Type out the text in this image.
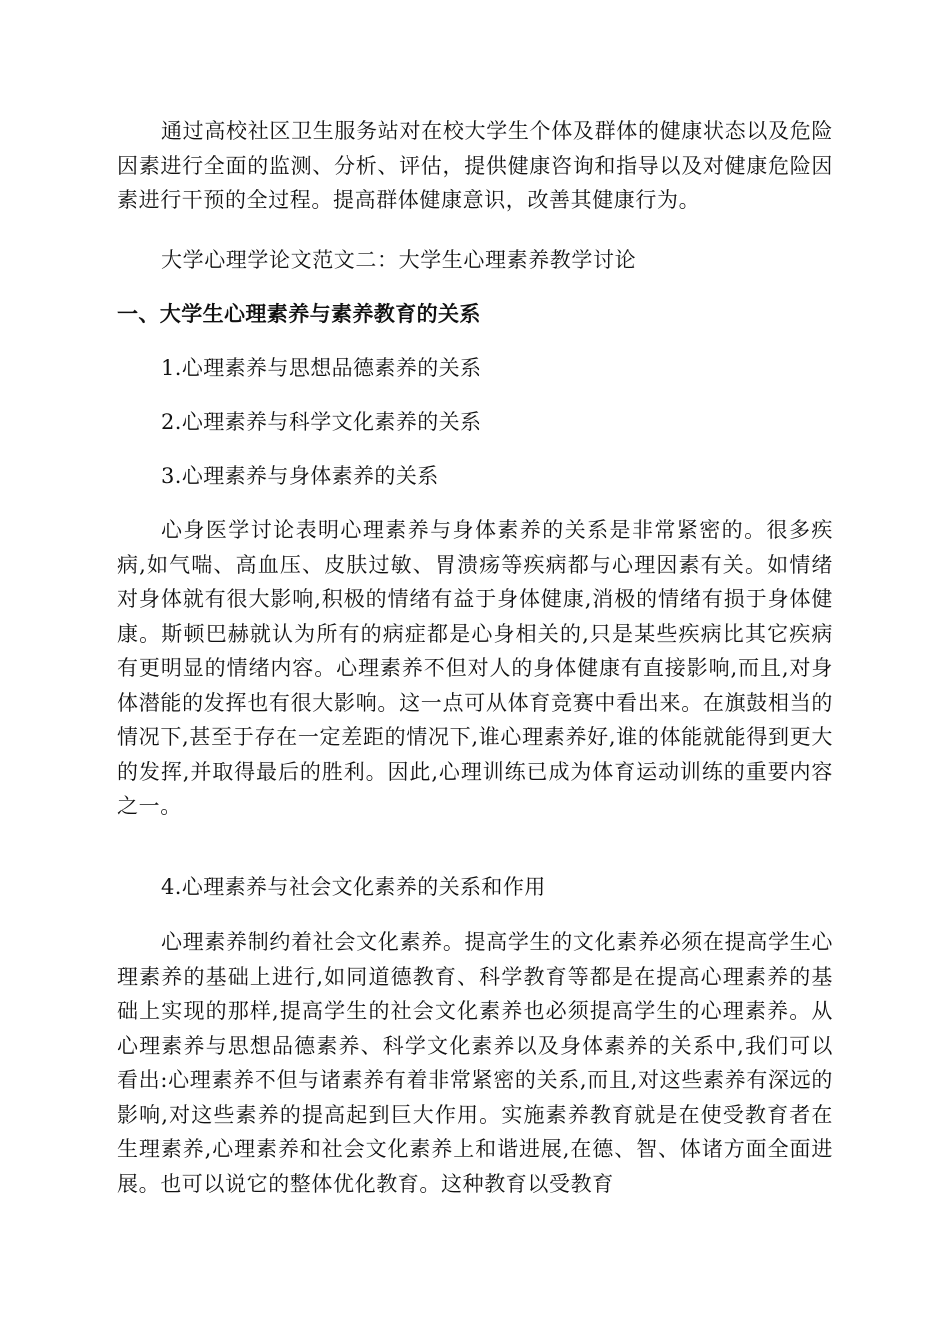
通过高校社区卫生服务站对在校大学生个体及群体的健康状态以及危险因素进行全面的监测、分析、评估，提供健康咨询和指导以及对健康危险因素进行干预的全过程。提高群体健康意识，改善其健康行为。

大学心理学论文范文二：大学生心理素养教学讨论

一、大学生心理素养与素养教育的关系

1.心理素养与思想品德素养的关系

2.心理素养与科学文化素养的关系

3.心理素养与身体素养的关系

心身医学讨论表明心理素养与身体素养的关系是非常紧密的。很多疾病,如气喘、高血压、皮肤过敏、胃溃疡等疾病都与心理因素有关。如情绪对身体就有很大影响,积极的情绪有益于身体健康,消极的情绪有损于身体健康。斯顿巴赫就认为所有的病症都是心身相关的,只是某些疾病比其它疾病有更明显的情绪内容。心理素养不但对人的身体健康有直接影响,而且,对身体潜能的发挥也有很大影响。这一点可从体育竞赛中看出来。在旗鼓相当的情况下,甚至于存在一定差距的情况下,谁心理素养好,谁的体能就能得到更大的发挥,并取得最后的胜利。因此,心理训练已成为体育运动训练的重要内容之一。

4.心理素养与社会文化素养的关系和作用

心理素养制约着社会文化素养。提高学生的文化素养必须在提高学生心理素养的基础上进行,如同道德教育、科学教育等都是在提高心理素养的基础上实现的那样,提高学生的社会文化素养也必须提高学生的心理素养。从心理素养与思想品德素养、科学文化素养以及身体素养的关系中,我们可以看出:心理素养不但与诸素养有着非常紧密的关系,而且,对这些素养有深远的影响,对这些素养的提高起到巨大作用。实施素养教育就是在使受教育者在生理素养,心理素养和社会文化素养上和谐进展,在德、智、体诸方面全面进展。也可以说它的整体优化教育。这种教育以受教育
